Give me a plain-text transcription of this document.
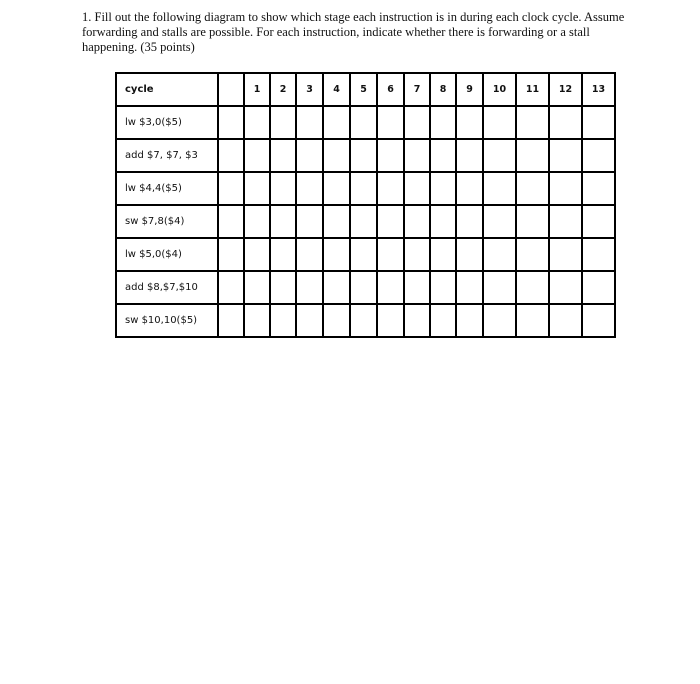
1. Fill out the following diagram to show which stage each instruction is in during each clock cycle. Assume forwarding and stalls are possible. For each instruction, indicate whether there is forwarding or a stall happening. (35 points)
cycle		1	2	3	4	5	6	7	8	9	10	11	12	13
lw $3,0($5)														
add $7, $7, $3														
lw $4,4($5)														
sw $7,8($4)														
lw $5,0($4)														
add $8,$7,$10														
sw $10,10($5)														
